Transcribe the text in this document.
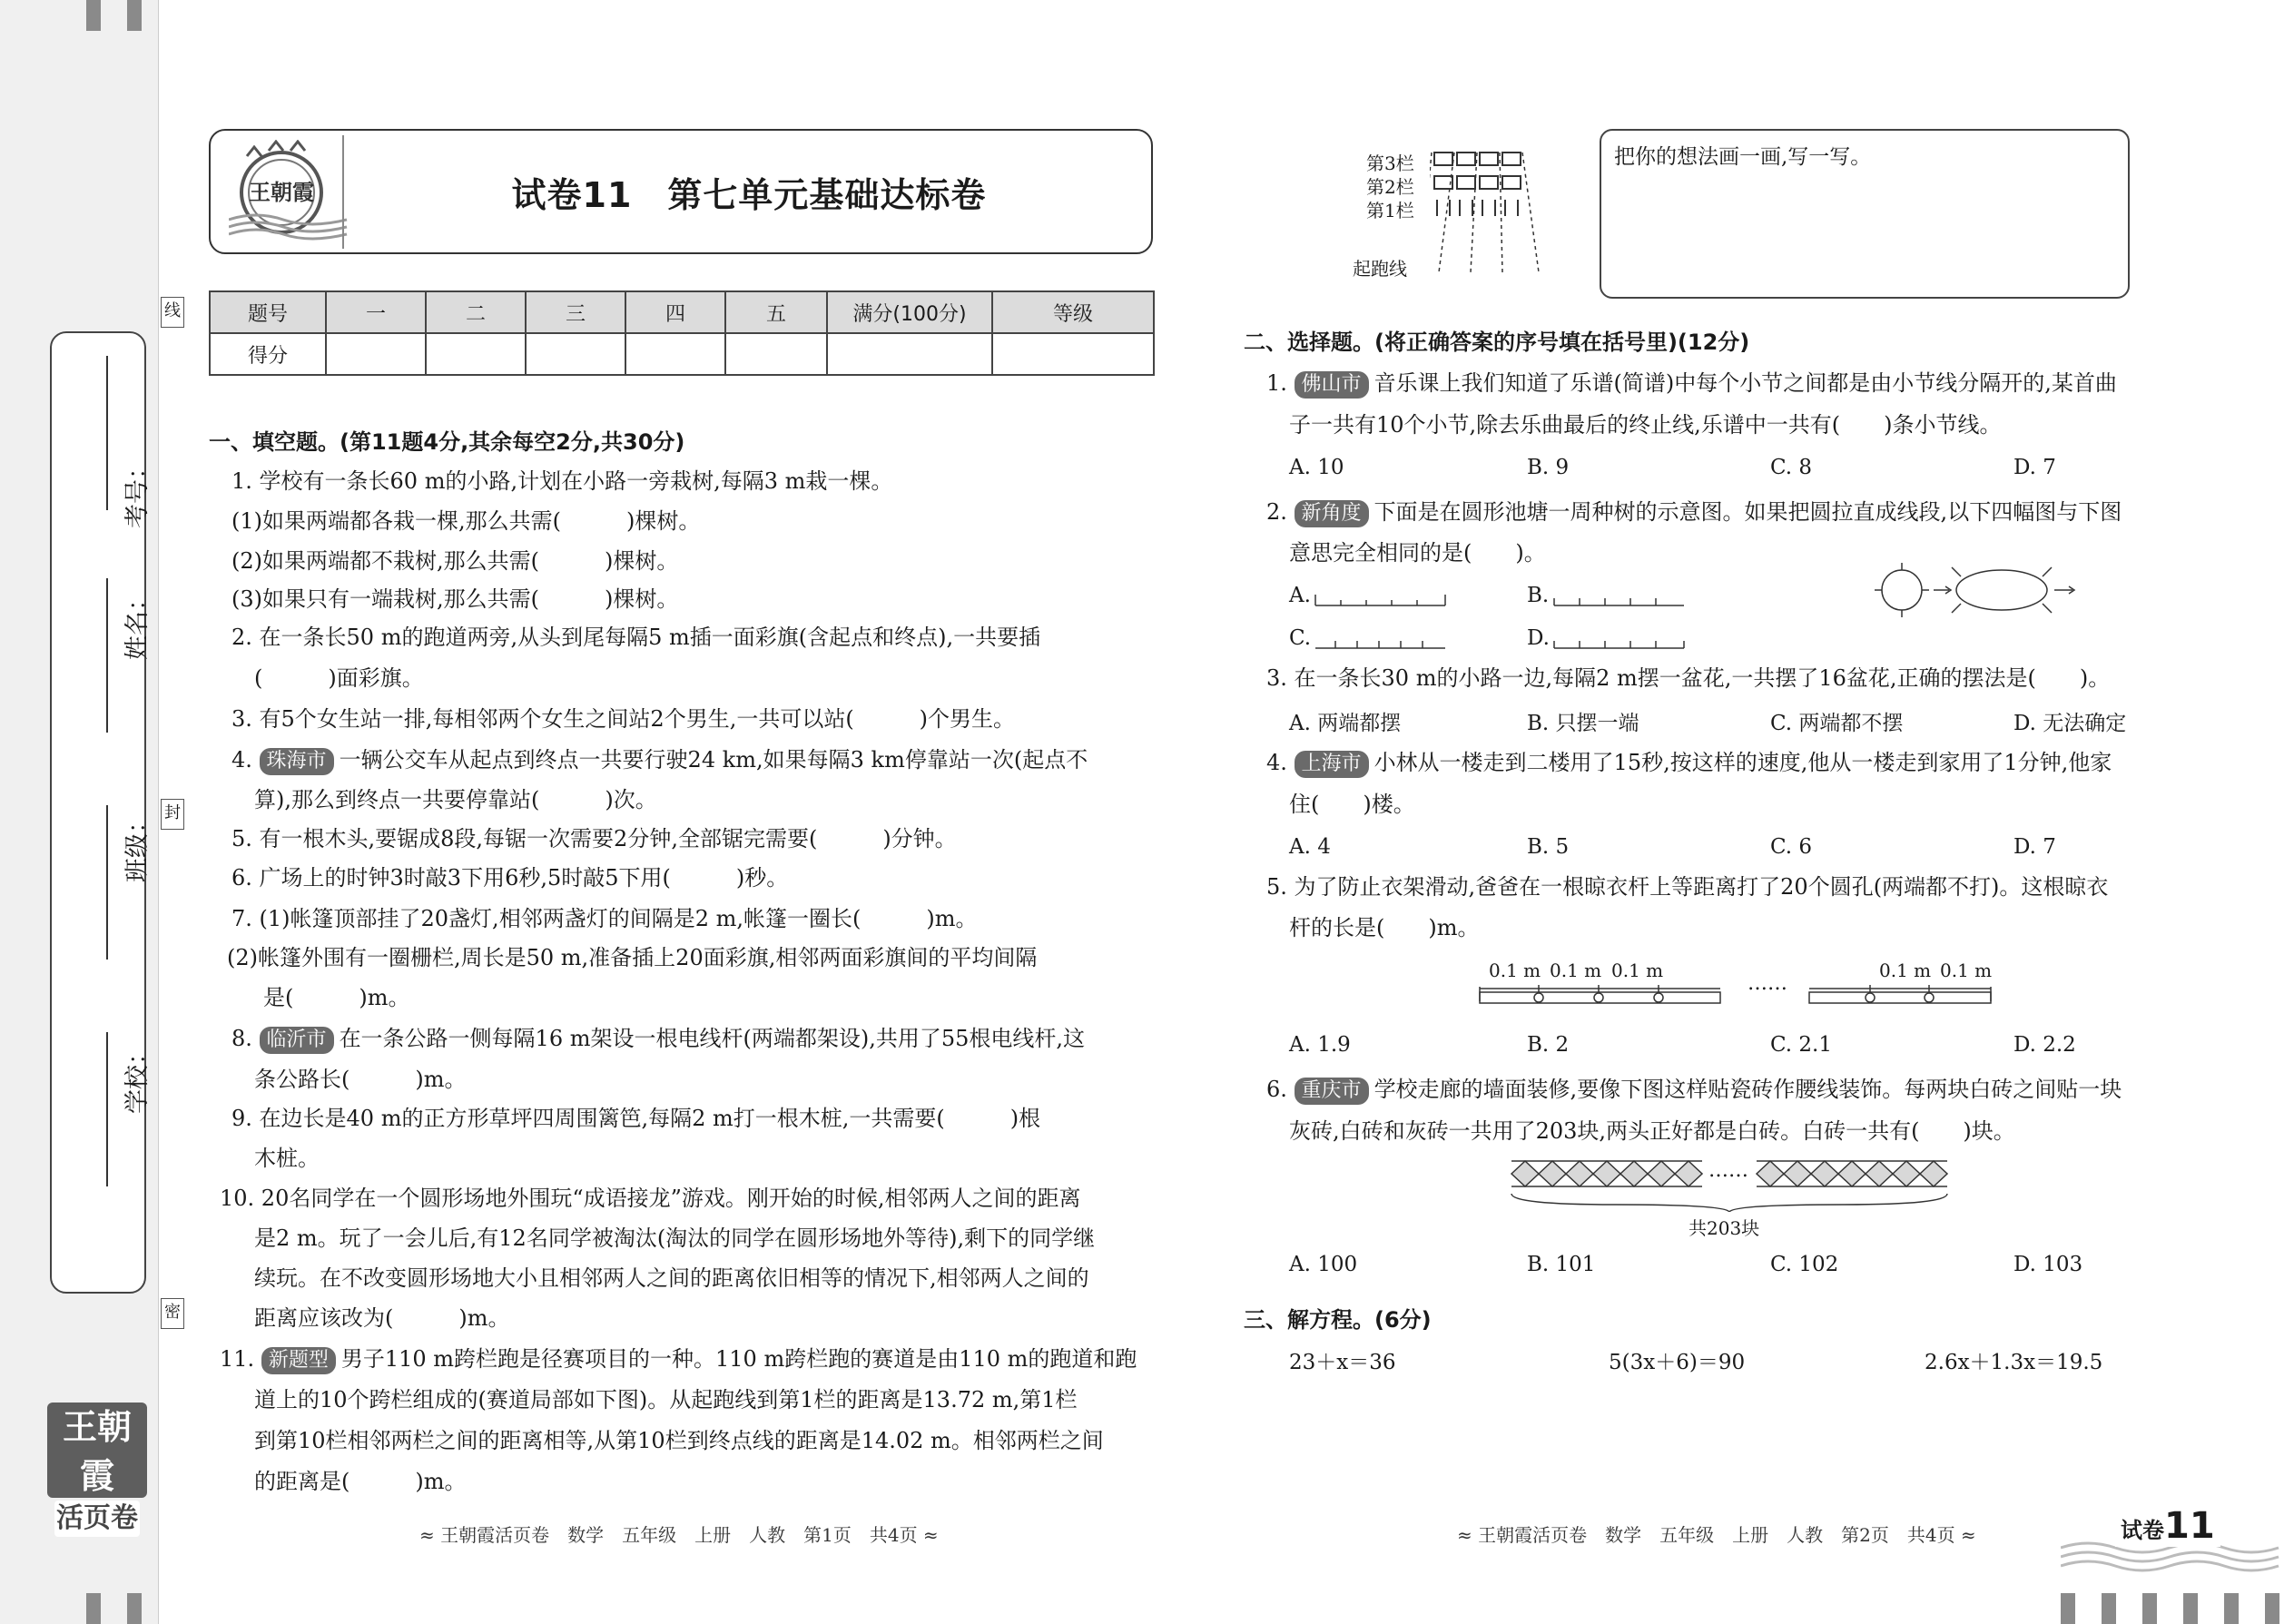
学校：
班级：
姓名：
考号：
线
封
密
王朝霞
活页卷
王朝霞	试卷11　第七单元基础达标卷
题号	一	二	三	四	五	满分(100分)	等级
得分							
一、填空题。(第11题4分,其余每空2分,共30分)
1. 学校有一条长60 m的小路,计划在小路一旁栽树,每隔3 m栽一棵。
(1)如果两端都各栽一棵,那么共需(　　　)棵树。
(2)如果两端都不栽树,那么共需(　　　)棵树。
(3)如果只有一端栽树,那么共需(　　　)棵树。
2. 在一条长50 m的跑道两旁,从头到尾每隔5 m插一面彩旗(含起点和终点),一共要插
(　　　)面彩旗。
3. 有5个女生站一排,每相邻两个女生之间站2个男生,一共可以站(　　　)个男生。
4. 珠海市 一辆公交车从起点到终点一共要行驶24 km,如果每隔3 km停靠站一次(起点不
算),那么到终点一共要停靠站(　　　)次。
5. 有一根木头,要锯成8段,每锯一次需要2分钟,全部锯完需要(　　　)分钟。
6. 广场上的时钟3时敲3下用6秒,5时敲5下用(　　　)秒。
7. (1)帐篷顶部挂了20盏灯,相邻两盏灯的间隔是2 m,帐篷一圈长(　　　)m。
(2)帐篷外围有一圈栅栏,周长是50 m,准备插上20面彩旗,相邻两面彩旗间的平均间隔
是(　　　)m。
8. 临沂市 在一条公路一侧每隔16 m架设一根电线杆(两端都架设),共用了55根电线杆,这
条公路长(　　　)m。
9. 在边长是40 m的正方形草坪四周围篱笆,每隔2 m打一根木桩,一共需要(　　　)根
木桩。
10. 20名同学在一个圆形场地外围玩“成语接龙”游戏。刚开始的时候,相邻两人之间的距离
是2 m。玩了一会儿后,有12名同学被淘汰(淘汰的同学在圆形场地外等待),剩下的同学继
续玩。在不改变圆形场地大小且相邻两人之间的距离依旧相等的情况下,相邻两人之间的
距离应该改为(　　　)m。
11. 新题型 男子110 m跨栏跑是径赛项目的一种。110 m跨栏跑的赛道是由110 m的跑道和跑
道上的10个跨栏组成的(赛道局部如下图)。从起跑线到第1栏的距离是13.72 m,第1栏
到第10栏相邻两栏之间的距离相等,从第10栏到终点线的距离是14.02 m。相邻两栏之间
的距离是(　　　)m。
≈ 王朝霞活页卷　数学　五年级　上册　人教　第1页　共4页 ≈
第3栏
第2栏
第1栏
起跑线
把你的想法画一画,写一写。
二、选择题。(将正确答案的序号填在括号里)(12分)
1. 佛山市 音乐课上我们知道了乐谱(简谱)中每个小节之间都是由小节线分隔开的,某首曲
子一共有10个小节,除去乐曲最后的终止线,乐谱中一共有(　　)条小节线。
A. 10	B. 9	C. 8	D. 7
2. 新角度 下面是在圆形池塘一周种树的示意图。如果把圆拉直成线段,以下四幅图与下图
意思完全相同的是(　　)。
A.	B.
C.	D.
3. 在一条长30 m的小路一边,每隔2 m摆一盆花,一共摆了16盆花,正确的摆法是(　　)。
A. 两端都摆	B. 只摆一端	C. 两端都不摆	D. 无法确定
4. 上海市 小林从一楼走到二楼用了15秒,按这样的速度,他从一楼走到家用了1分钟,他家
住(　　)楼。
A. 4	B. 5	C. 6	D. 7
5. 为了防止衣架滑动,爸爸在一根晾衣杆上等距离打了20个圆孔(两端都不打)。这根晾衣
杆的长是(　　)m。
0.1 m 0.1 m 0.1 m
……
0.1 m 0.1 m
A. 1.9	B. 2	C. 2.1	D. 2.2
6. 重庆市 学校走廊的墙面装修,要像下图这样贴瓷砖作腰线装饰。每两块白砖之间贴一块
灰砖,白砖和灰砖一共用了203块,两头正好都是白砖。白砖一共有(　　)块。
……
共203块
A. 100	B. 101	C. 102	D. 103
三、解方程。(6分)
23＋x＝36	5(3x＋6)＝90	2.6x＋1.3x＝19.5
≈ 王朝霞活页卷　数学　五年级　上册　人教　第2页　共4页 ≈	试卷11
